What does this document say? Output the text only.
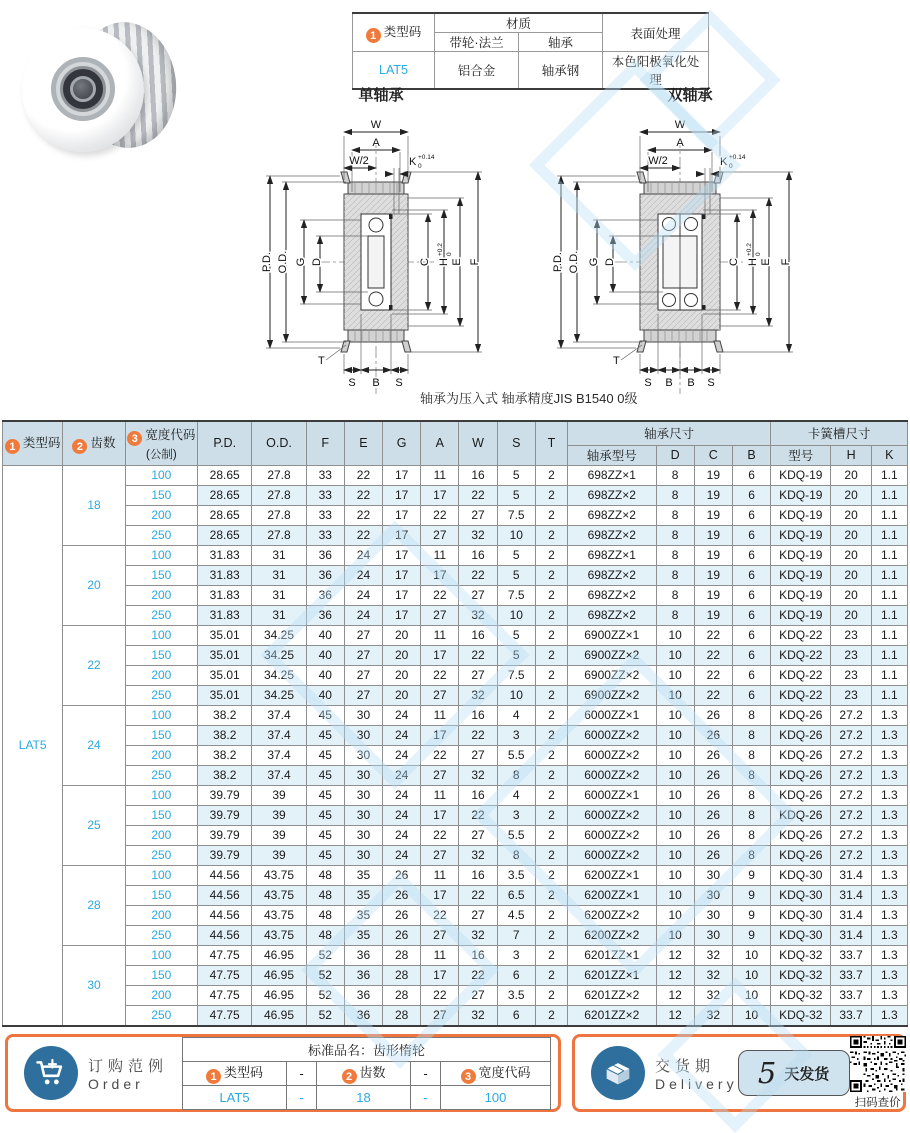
1 类型码	材质		表面处理
	带轮·法兰	轴承	
LAT5	铝合金	轴承钢	本色阳极氧化处理
单轴承
W
A
W/2	K +0.14
0
P.D. O.D. G D	C H
+0.2 0
E F
S B S
T
双轴承
W
A
W/2	K +0.14
0
P.D. O.D. G D	C H
+0.2 0
E F
S B B S
T
轴承为压入式 轴承精度JIS B1540 0级
1 类型码	2 齿数	3 宽度代码
(公制)	P.D.	O.D.	F	E	G	A	W	S	T	轴承尺寸				卡簧槽尺寸		
												轴承型号	D	C	B	型号	H	K
LAT5	18	100	28.65	27.8	33	22	17	11	16	5	2	698ZZ×1	8	19	6	KDQ-19	20	1.1
		150	28.65	27.8	33	22	17	17	22	5	2	698ZZ×2	8	19	6	KDQ-19	20	1.1
		200	28.65	27.8	33	22	17	22	27	7.5	2	698ZZ×2	8	19	6	KDQ-19	20	1.1
		250	28.65	27.8	33	22	17	27	32	10	2	698ZZ×2	8	19	6	KDQ-19	20	1.1
	20	100	31.83	31	36	24	17	11	16	5	2	698ZZ×1	8	19	6	KDQ-19	20	1.1
		150	31.83	31	36	24	17	17	22	5	2	698ZZ×2	8	19	6	KDQ-19	20	1.1
		200	31.83	31	36	24	17	22	27	7.5	2	698ZZ×2	8	19	6	KDQ-19	20	1.1
		250	31.83	31	36	24	17	27	32	10	2	698ZZ×2	8	19	6	KDQ-19	20	1.1
	22	100	35.01	34.25	40	27	20	11	16	5	2	6900ZZ×1	10	22	6	KDQ-22	23	1.1
		150	35.01	34.25	40	27	20	17	22	5	2	6900ZZ×2	10	22	6	KDQ-22	23	1.1
		200	35.01	34.25	40	27	20	22	27	7.5	2	6900ZZ×2	10	22	6	KDQ-22	23	1.1
		250	35.01	34.25	40	27	20	27	32	10	2	6900ZZ×2	10	22	6	KDQ-22	23	1.1
	24	100	38.2	37.4	45	30	24	11	16	4	2	6000ZZ×1	10	26	8	KDQ-26	27.2	1.3
		150	38.2	37.4	45	30	24	17	22	3	2	6000ZZ×2	10	26	8	KDQ-26	27.2	1.3
		200	38.2	37.4	45	30	24	22	27	5.5	2	6000ZZ×2	10	26	8	KDQ-26	27.2	1.3
		250	38.2	37.4	45	30	24	27	32	8	2	6000ZZ×2	10	26	8	KDQ-26	27.2	1.3
	25	100	39.79	39	45	30	24	11	16	4	2	6000ZZ×1	10	26	8	KDQ-26	27.2	1.3
		150	39.79	39	45	30	24	17	22	3	2	6000ZZ×2	10	26	8	KDQ-26	27.2	1.3
		200	39.79	39	45	30	24	22	27	5.5	2	6000ZZ×2	10	26	8	KDQ-26	27.2	1.3
		250	39.79	39	45	30	24	27	32	8	2	6000ZZ×2	10	26	8	KDQ-26	27.2	1.3
	28	100	44.56	43.75	48	35	26	11	16	3.5	2	6200ZZ×1	10	30	9	KDQ-30	31.4	1.3
		150	44.56	43.75	48	35	26	17	22	6.5	2	6200ZZ×1	10	30	9	KDQ-30	31.4	1.3
		200	44.56	43.75	48	35	26	22	27	4.5	2	6200ZZ×2	10	30	9	KDQ-30	31.4	1.3
		250	44.56	43.75	48	35	26	27	32	7	2	6200ZZ×2	10	30	9	KDQ-30	31.4	1.3
	30	100	47.75	46.95	52	36	28	11	16	3	2	6201ZZ×1	12	32	10	KDQ-32	33.7	1.3
		150	47.75	46.95	52	36	28	17	22	6	2	6201ZZ×1	12	32	10	KDQ-32	33.7	1.3
		200	47.75	46.95	52	36	28	22	27	3.5	2	6201ZZ×2	12	32	10	KDQ-32	33.7	1.3
		250	47.75	46.95	52	36	28	27	32	6	2	6201ZZ×2	12	32	10	KDQ-32	33.7	1.3
订购范例
Order
标准品名：齿形惰轮				
1 类型码	-	2 齿数	-	3 宽度代码
LAT5	-	18	-	100
交货期
Delivery 5 天发货
扫码查价
